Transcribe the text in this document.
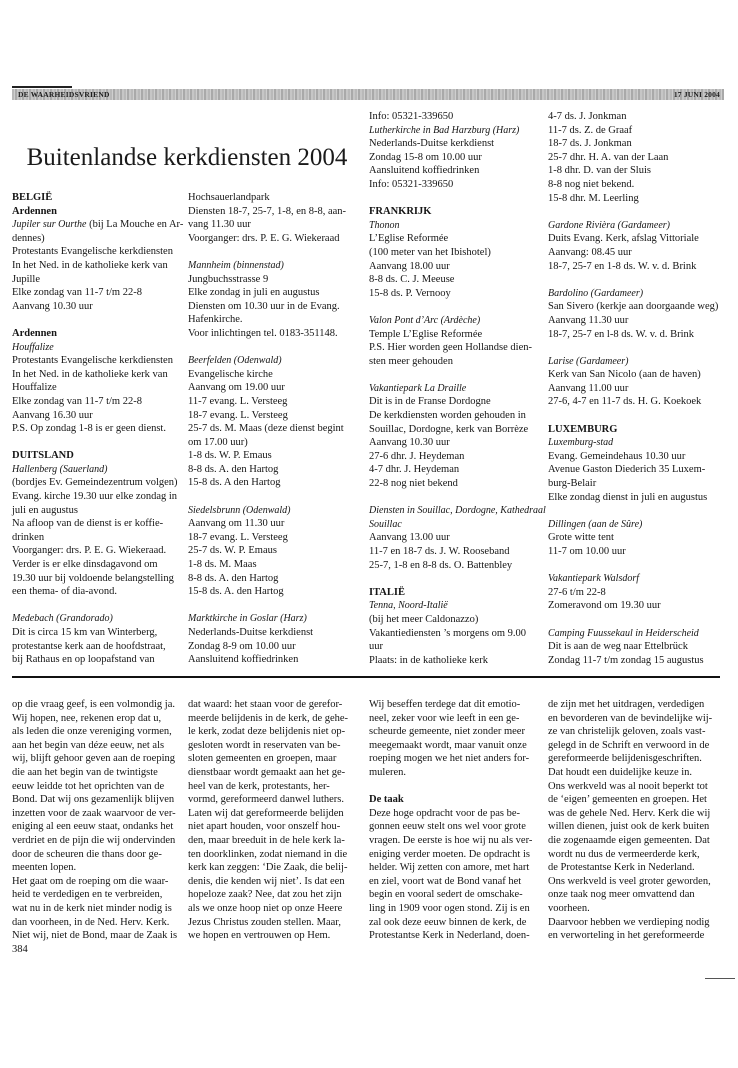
DE WAARHEIDSVRIEND	17 JUNI 2004
Buitenlandse kerkdiensten 2004
BELGIË
Ardennen
Jupiler sur Ourthe (bij La Mouche en Ar-
dennes)
Protestants Evangelische kerkdiensten
In het Ned. in de katholieke kerk van
Jupille
Elke zondag van 11-7 t/m 22-8
Aanvang 10.30 uur
Ardennen
Houffalize
Protestants Evangelische kerkdiensten
In het Ned. in de katholieke kerk van
Houffalize
Elke zondag van 11-7 t/m 22-8
Aanvang 16.30 uur
P.S. Op zondag 1-8 is er geen dienst.
DUITSLAND
Hallenberg (Sauerland)
(bordjes Ev. Gemeindezentrum volgen)
Evang. kirche 19.30 uur elke zondag in
juli en augustus
Na afloop van de dienst is er koffie-
drinken
Voorganger: drs. P. E. G. Wiekeraad.
Verder is er elke dinsdagavond om
19.30 uur bij voldoende belangstelling
een thema- of dia-avond.
Medebach (Grandorado)
Dit is circa 15 km van Winterberg,
protestantse kerk aan de hoofdstraat,
bij Rathaus en op loopafstand van
Hochsauerlandpark
Diensten 18-7, 25-7, 1-8, en 8-8, aan-
vang 11.30 uur
Voorganger: drs. P. E. G. Wiekeraad
Mannheim (binnenstad)
Jungbuchsstrasse 9
Elke zondag in juli en augustus
Diensten om 10.30 uur in de Evang.
Hafenkirche.
Voor inlichtingen tel. 0183-351148.
Beerfelden (Odenwald)
Evangelische kirche
Aanvang om 19.00 uur
11-7 evang. L. Versteeg
18-7 evang. L. Versteeg
25-7 ds. M. Maas (deze dienst begint
om 17.00 uur)
1-8 ds. W. P. Emaus
8-8 ds. A. den Hartog
15-8 ds. A den Hartog
Siedelsbrunn (Odenwald)
Aanvang om 11.30 uur
18-7 evang. L. Versteeg
25-7 ds. W. P. Emaus
1-8 ds. M. Maas
8-8 ds. A. den Hartog
15-8 ds. A. den Hartog
Marktkirche in Goslar (Harz)
Nederlands-Duitse kerkdienst
Zondag 8-9 om 10.00 uur
Aansluitend koffiedrinken
Info: 05321-339650
Lutherkirche in Bad Harzburg (Harz)
Nederlands-Duitse kerkdienst
Zondag 15-8 om 10.00 uur
Aansluitend koffiedrinken
Info: 05321-339650
FRANKRIJK
Thonon
L’Eglise Reformée
(100 meter van het Ibishotel)
Aanvang 18.00 uur
8-8 ds. C. J. Meeuse
15-8 ds. P. Vernooy
Valon Pont d’Arc (Ardèche)
Temple L’Eglise Reformée
P.S. Hier worden geen Hollandse dien-
sten meer gehouden
Vakantiepark La Draille
Dit is in de Franse Dordogne
De kerkdiensten worden gehouden in
Souillac, Dordogne, kerk van Borrèze
Aanvang 10.30 uur
27-6 dhr. J. Heydeman
4-7 dhr. J. Heydeman
22-8 nog niet bekend
Diensten in Souillac, Dordogne, Kathedraal
Souillac
Aanvang 13.00 uur
11-7 en 18-7 ds. J. W. Rooseband
25-7, 1-8 en 8-8 ds. O. Battenbley
ITALIË
Tenna, Noord-Italië
(bij het meer Caldonazzo)
Vakantiediensten ’s morgens om 9.00
uur
Plaats: in de katholieke kerk
4-7 ds. J. Jonkman
11-7 ds. Z. de Graaf
18-7 ds. J. Jonkman
25-7 dhr. H. A. van der Laan
1-8 dhr. D. van der Sluis
8-8 nog niet bekend.
15-8 dhr. M. Leerling
Gardone Rivièra (Gardameer)
Duits Evang. Kerk, afslag Vittoriale
Aanvang: 08.45 uur
18-7, 25-7 en 1-8 ds. W. v. d. Brink
Bardolino (Gardameer)
San Sivero (kerkje aan doorgaande weg)
Aanvang 11.30 uur
18-7, 25-7 en l-8 ds. W. v. d. Brink
Larise (Gardameer)
Kerk van San Nicolo (aan de haven)
Aanvang 11.00 uur
27-6, 4-7 en 11-7 ds. H. G. Koekoek
LUXEMBURG
Luxemburg-stad
Evang. Gemeindehaus 10.30 uur
Avenue Gaston Diederich 35 Luxem-
burg-Belair
Elke zondag dienst in juli en augustus
Dillingen (aan de Sûre)
Grote witte tent
11-7 om 10.00 uur
Vakantiepark Walsdorf
27-6 t/m 22-8
Zomeravond om 19.30 uur
Camping Fuussekaul in Heiderscheid
Dit is aan de weg naar Ettelbrück
Zondag 11-7 t/m zondag 15 augustus
op die vraag geef, is een volmondig ja.
Wij hopen, nee, rekenen erop dat u,
als leden die onze vereniging vormen,
aan het begin van déze eeuw, net als
wij, blijft gehoor geven aan de roeping
die aan het begin van de twintigste
eeuw leidde tot het oprichten van de
Bond. Dat wij ons gezamenlijk blijven
inzetten voor de zaak waarvoor de ver-
eniging al een eeuw staat, ondanks het
verdriet en de pijn die wij ondervinden
door de scheuren die thans door ge-
meenten lopen.
Het gaat om de roeping om die waar-
heid te verdedigen en te verbreiden,
wat nu in de kerk niet minder nodig is
dan voorheen, in de Ned. Herv. Kerk.
Niet wij, niet de Bond, maar de Zaak is
384
dat waard: het staan voor de gerefor-
meerde belijdenis in de kerk, de gehe-
le kerk, zodat deze belijdenis niet op-
gesloten wordt in reservaten van be-
sloten gemeenten en groepen, maar
dienstbaar wordt gemaakt aan het ge-
heel van de kerk, protestants, her-
vormd, gereformeerd danwel luthers.
Laten wij dat gereformeerde belijden
niet apart houden, voor onszelf hou-
den, maar breeduit in de hele kerk la-
ten doorklinken, zodat niemand in die
kerk kan zeggen: ‘Die Zaak, die belij-
denis, die kenden wij niet’. Is dat een
hopeloze zaak? Nee, dat zou het zijn
als we onze hoop niet op onze Heere
Jezus Christus zouden stellen. Maar,
we hopen en vertrouwen op Hem.
Wij beseffen terdege dat dit emotio-
neel, zeker voor wie leeft in een ge-
scheurde gemeente, niet zonder meer
meegemaakt wordt, maar vanuit onze
roeping mogen we het niet anders for-
muleren.
De taak
Deze hoge opdracht voor de pas be-
gonnen eeuw stelt ons wel voor grote
vragen. De eerste is hoe wij nu als ver-
eniging verder moeten. De opdracht is
helder. Wij zetten con amore, met hart
en ziel, voort wat de Bond vanaf het
begin en vooral sedert de omschake-
ling in 1909 voor ogen stond. Zij is en
zal ook deze eeuw binnen de kerk, de
Protestantse Kerk in Nederland, doen-
de zijn met het uitdragen, verdedigen
en bevorderen van de bevindelijke wij-
ze van christelijk geloven, zoals vast-
gelegd in de Schrift en verwoord in de
gereformeerde belijdenisgeschriften.
Dat houdt een duidelijke keuze in.
Ons werkveld was al nooit beperkt tot
de ‘eigen’ gemeenten en groepen. Het
was de gehele Ned. Herv. Kerk die wij
willen dienen, juist ook de kerk buiten
die zogenaamde eigen gemeenten. Dat
wordt nu dus de vermeerderde kerk,
de Protestantse Kerk in Nederland.
Ons werkveld is veel groter geworden,
onze taak nog meer omvattend dan
voorheen.
Daarvoor hebben we verdieping nodig
en verworteling in het gereformeerde
